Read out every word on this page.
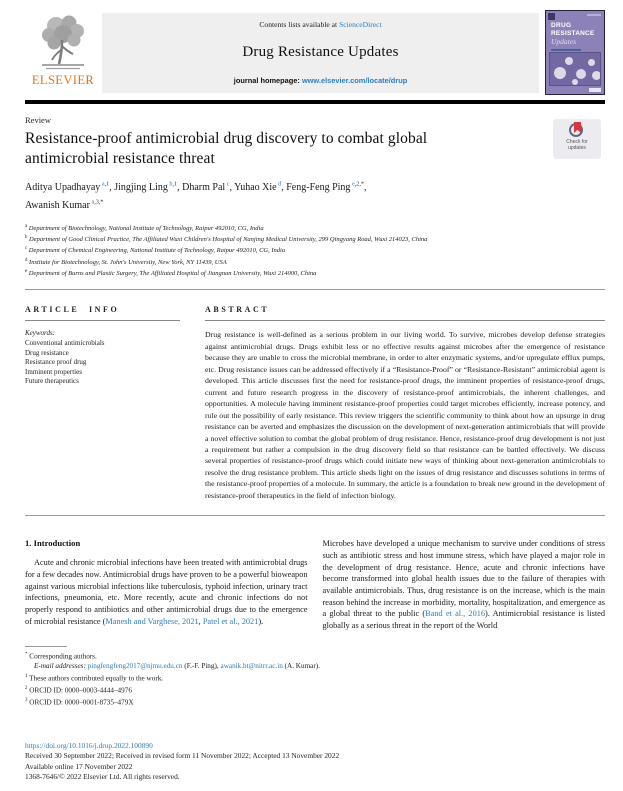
ELSEVIER
Contents lists available at ScienceDirect
Drug Resistance Updates
journal homepage: www.elsevier.com/locate/drup
DRUG
RESISTANCE
Updates
Review
Resistance-proof antimicrobial drug discovery to combat global antimicrobial resistance threat
Check for
updates
Aditya Upadhayay $^{a,1}$, Jingjing Ling $^{b,1}$, Dharm Pal $^c$, Yuhao Xie $^d$, Feng-Feng Ping $^{e,2,*}$,
Awanish Kumar $^{a,3,*}$
$^a$ Department of Biotechnology, National Institute of Technology, Raipur 492010, CG, India
$^b$ Department of Good Clinical Practice, The Affiliated Wuxi Children's Hospital of Nanjing Medical University, 299 Qingyang Road, Wuxi 214023, China
$^c$ Department of Chemical Engineering, National Institute of Technology, Raipur 492010, CG, India
$^d$ Institute for Biotechnology, St. John's University, New York, NY 11439, USA
$^e$ Department of Burns and Plastic Surgery, The Affiliated Hospital of Jiangnan University, Wuxi 214000, China
ARTICLE INFO
Keywords:
Conventional antimicrobials
Drug resistance
Resistance proof drug
Imminent properties
Future therapeutics
ABSTRACT

Drug resistance is well-defined as a serious problem in our living world. To survive, microbes develop defense strategies against antimicrobial drugs. Drugs exhibit less or no effective results against microbes after the emergence of resistance because they are unable to cross the microbial membrane, in order to alter enzymatic systems, and/or upregulate efflux pumps, etc. Drug resistance issues can be addressed effectively if a “Resistance-Proof” or “Resistance-Resistant” antimicrobial agent is developed. This article discusses first the need for resistance-proof drugs, the imminent properties of resistance-proof drugs, current and future research progress in the discovery of resistance-proof antimicrobials, the inherent challenges, and opportunities. A molecule having imminent resistance-proof properties could target microbes efficiently, increase potency, and rule out the possibility of early resistance. This review triggers the scientific community to think about how an upsurge in drug resistance can be averted and emphasizes the discussion on the development of next-generation antimicrobials that will provide a novel effective solution to combat the global problem of drug resistance. Hence, resistance-proof drug development is not just a requirement but rather a compulsion in the drug discovery field so that resistance can be battled effectively. We discuss several properties of resistance-proof drugs which could initiate new ways of thinking about next-generation antimicrobials to resolve the drug resistance problem. This article sheds light on the issues of drug resistance and discusses solutions in terms of the resistance-proof properties of a molecule. In summary, the article is a foundation to break new ground in the development of resistance-proof therapeutics in the field of infection biology.

1. Introduction

Acute and chronic microbial infections have been treated with antimicrobial drugs for a few decades now. Antimicrobial drugs have proven to be a powerful bioweapon against various microbial infections like tuberculosis, typhoid infection, urinary tract infections, pneumonia, etc. More recently, acute and chronic infections do not properly respond to antibiotics and other antimicrobial drugs due to the emergence of microbial resistance (Manesh and Varghese, 2021, Patel et al., 2021).

Microbes have developed a unique mechanism to survive under conditions of stress such as antibiotic stress and host immune stress, which have played a major role in the development of drug resistance. Hence, acute and chronic infections have become transformed into global health issues due to the failure of therapies with available antimicrobials. Thus, drug resistance is on the increase, which is the main reason behind the increase in morbidity, mortality, hospitalization, and emergence as a global threat to the public (Band et al., 2016). Antimicrobial resistance is listed globally as a serious threat in the report of the World

* Corresponding authors.
E-mail addresses: pingfengfeng2017@njmu.edu.cn (F.-F. Ping), awanik.bt@nitrr.ac.in (A. Kumar).
$^1$ These authors contributed equally to the work.
$^2$ ORCID ID: 0000–0003-4444–4976
$^3$ ORCID ID: 0000–0001-8735–479X
https://doi.org/10.1016/j.drup.2022.100890
Received 30 September 2022; Received in revised form 11 November 2022; Accepted 13 November 2022
Available online 17 November 2022
1368-7646/© 2022 Elsevier Ltd. All rights reserved.
